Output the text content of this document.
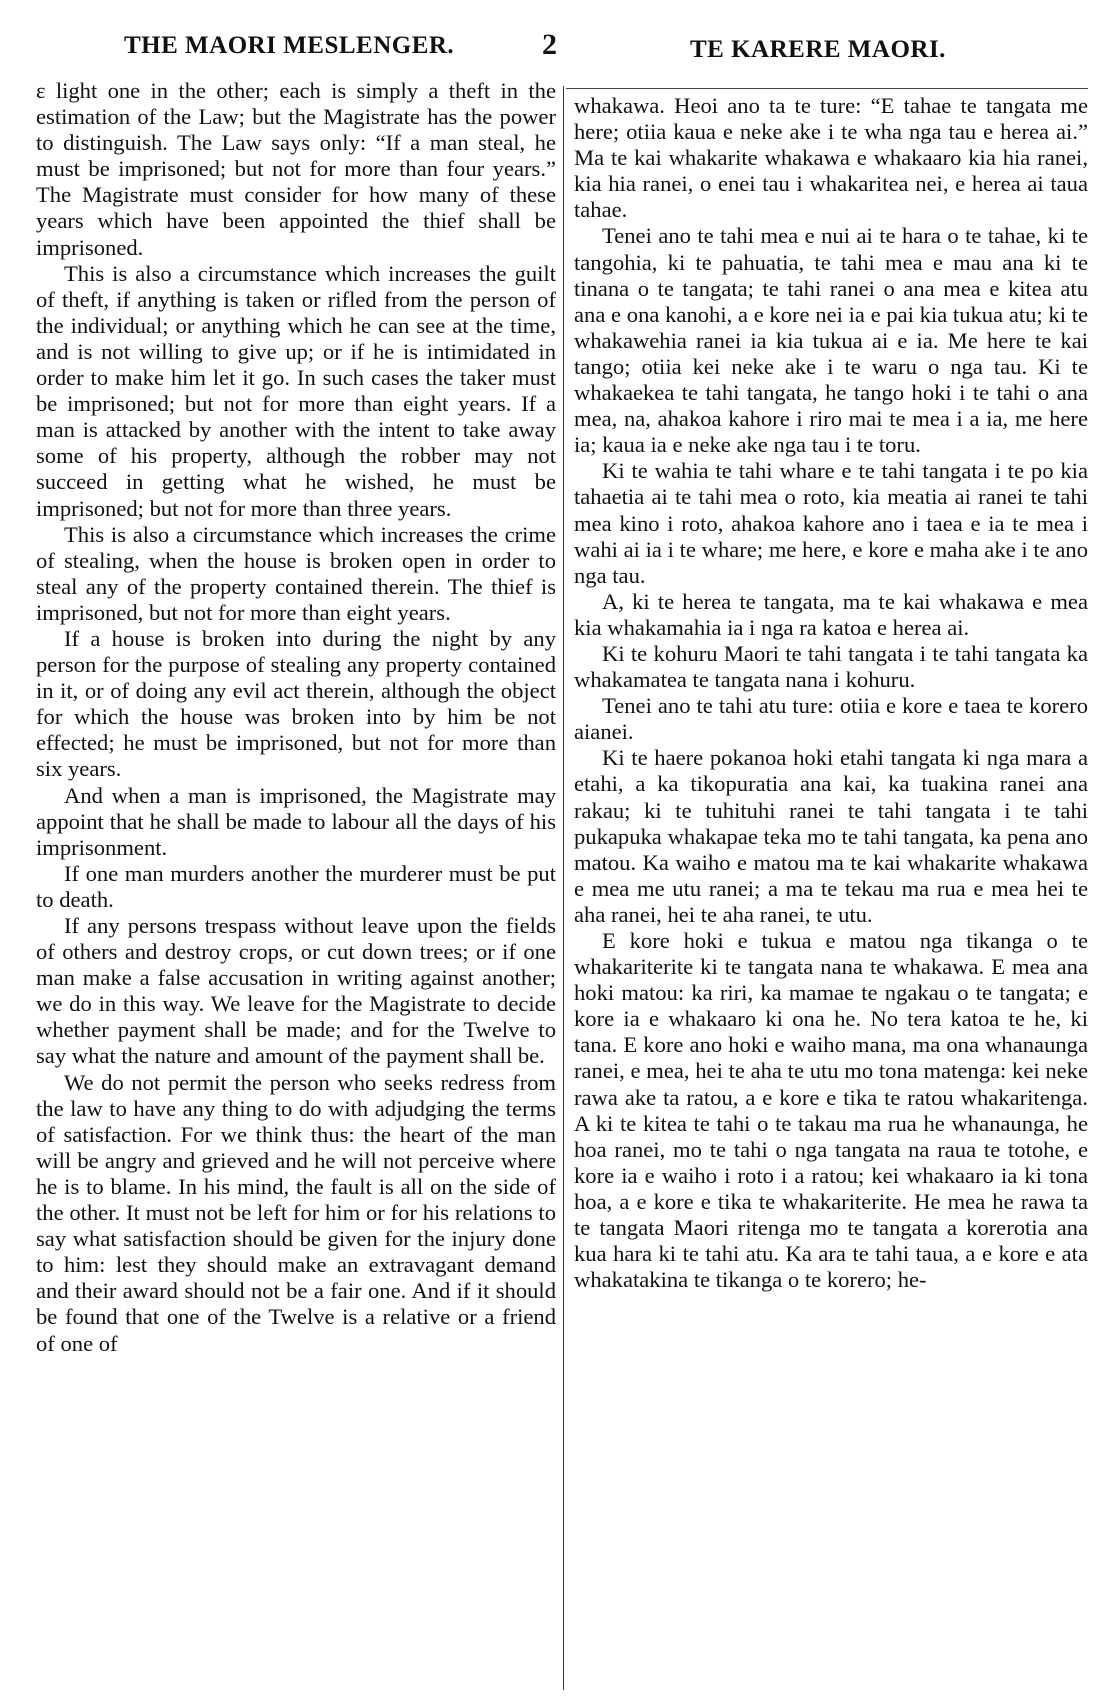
THE MAORI MESLENGER.	2	TE KARERE MAORI.

ɛ light one in the other; each is simply a theft in the estimation of the Law; but the Magistrate has the power to distinguish. The Law says only: “If a man steal, he must be imprisoned; but not for more than four years.” The Magistrate must consider for how many of these years which have been appointed the thief shall be imprisoned.

This is also a circumstance which increases the guilt of theft, if anything is taken or rifled from the person of the individual; or anything which he can see at the time, and is not willing to give up; or if he is intimidated in order to make him let it go. In such cases the taker must be imprisoned; but not for more than eight years. If a man is attacked by another with the intent to take away some of his property, although the robber may not succeed in getting what he wished, he must be imprisoned; but not for more than three years.

This is also a circumstance which increases the crime of stealing, when the house is broken open in order to steal any of the property contained therein. The thief is imprisoned, but not for more than eight years.

If a house is broken into during the night by any person for the purpose of stealing any property contained in it, or of doing any evil act therein, although the object for which the house was broken into by him be not effected; he must be imprisoned, but not for more than six years.

And when a man is imprisoned, the Magistrate may appoint that he shall be made to labour all the days of his imprisonment.

If one man murders another the murderer must be put to death.

If any persons trespass without leave upon the fields of others and destroy crops, or cut down trees; or if one man make a false accusation in writing against another; we do in this way. We leave for the Magistrate to decide whether payment shall be made; and for the Twelve to say what the nature and amount of the payment shall be.

We do not permit the person who seeks redress from the law to have any thing to do with adjudging the terms of satisfaction. For we think thus: the heart of the man will be angry and grieved and he will not perceive where he is to blame. In his mind, the fault is all on the side of the other. It must not be left for him or for his relations to say what satisfaction should be given for the injury done to him: lest they should make an extravagant demand and their award should not be a fair one. And if it should be found that one of the Twelve is a relative or a friend of one of

whakawa. Heoi ano ta te ture: “E tahae te tangata me here; otiia kaua e neke ake i te wha nga tau e herea ai.” Ma te kai whakarite whakawa e whakaaro kia hia ranei, kia hia ranei, o enei tau i whakaritea nei, e herea ai taua tahae.

Tenei ano te tahi mea e nui ai te hara o te tahae, ki te tangohia, ki te pahuatia, te tahi mea e mau ana ki te tinana o te tangata; te tahi ranei o ana mea e kitea atu ana e ona kanohi, a e kore nei ia e pai kia tukua atu; ki te whakawehia ranei ia kia tukua ai e ia. Me here te kai tango; otiia kei neke ake i te waru o nga tau. Ki te whakaekea te tahi tangata, he tango hoki i te tahi o ana mea, na, ahakoa kahore i riro mai te mea i a ia, me here ia; kaua ia e neke ake nga tau i te toru.

Ki te wahia te tahi whare e te tahi tangata i te po kia tahaetia ai te tahi mea o roto, kia meatia ai ranei te tahi mea kino i roto, ahakoa kahore ano i taea e ia te mea i wahi ai ia i te whare; me here, e kore e maha ake i te ano nga tau.

A, ki te herea te tangata, ma te kai whakawa e mea kia whakamahia ia i nga ra katoa e herea ai.

Ki te kohuru Maori te tahi tangata i te tahi tangata ka whakamatea te tangata nana i kohuru.

Tenei ano te tahi atu ture: otiia e kore e taea te korero aianei.

Ki te haere pokanoa hoki etahi tangata ki nga mara a etahi, a ka tikopuratia ana kai, ka tuakina ranei ana rakau; ki te tuhituhi ranei te tahi tangata i te tahi pukapuka whakapae teka mo te tahi tangata, ka pena ano matou. Ka waiho e matou ma te kai whakarite whakawa e mea me utu ranei; a ma te tekau ma rua e mea hei te aha ranei, hei te aha ranei, te utu.

E kore hoki e tukua e matou nga tikanga o te whakariterite ki te tangata nana te whakawa. E mea ana hoki matou: ka riri, ka mamae te ngakau o te tangata; e kore ia e whakaaro ki ona he. No tera katoa te he, ki tana. E kore ano hoki e waiho mana, ma ona whanaunga ranei, e mea, hei te aha te utu mo tona matenga: kei neke rawa ake ta ratou, a e kore e tika te ratou whakaritenga. A ki te kitea te tahi o te takau ma rua he whanaunga, he hoa ranei, mo te tahi o nga tangata na raua te totohe, e kore ia e waiho i roto i a ratou; kei whakaaro ia ki tona hoa, a e kore e tika te whakariterite. He mea he rawa ta te tangata Maori ritenga mo te tangata a korerotia ana kua hara ki te tahi atu. Ka ara te tahi taua, a e kore e ata whakatakina te tikanga o te korero; he-
